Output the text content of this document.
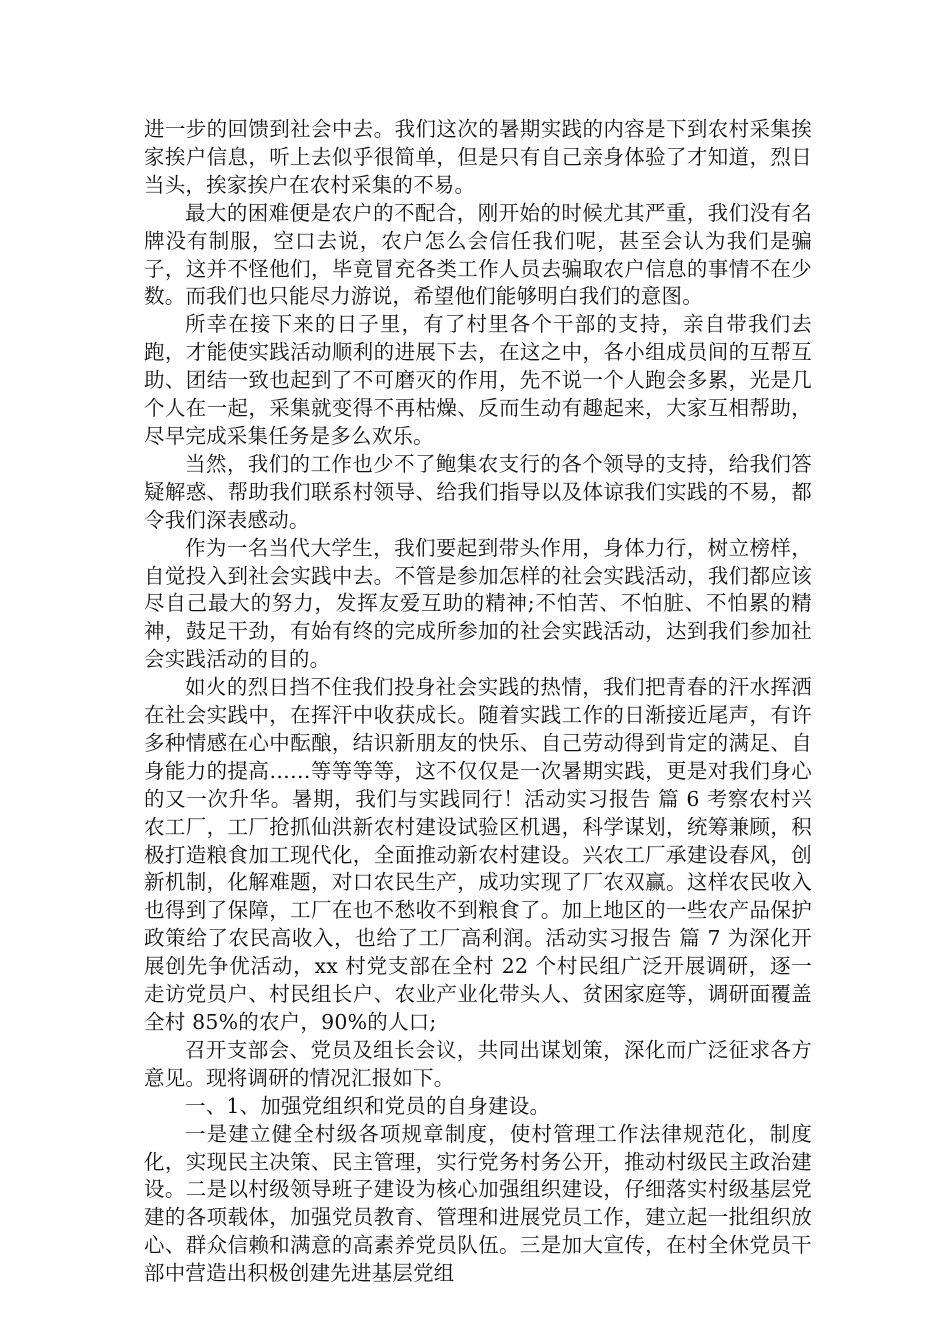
进一步的回馈到社会中去。我们这次的暑期实践的内容是下到农村采集挨家挨户信息，听上去似乎很简单，但是只有自己亲身体验了才知道，烈日当头，挨家挨户在农村采集的不易。

最大的困难便是农户的不配合，刚开始的时候尤其严重，我们没有名牌没有制服，空口去说，农户怎么会信任我们呢，甚至会认为我们是骗子，这并不怪他们，毕竟冒充各类工作人员去骗取农户信息的事情不在少数。而我们也只能尽力游说，希望他们能够明白我们的意图。

所幸在接下来的日子里，有了村里各个干部的支持，亲自带我们去跑，才能使实践活动顺利的进展下去，在这之中，各小组成员间的互帮互助、团结一致也起到了不可磨灭的作用，先不说一个人跑会多累，光是几个人在一起，采集就变得不再枯燥、反而生动有趣起来，大家互相帮助，尽早完成采集任务是多么欢乐。

当然，我们的工作也少不了鲍集农支行的各个领导的支持，给我们答疑解惑、帮助我们联系村领导、给我们指导以及体谅我们实践的不易，都令我们深表感动。

作为一名当代大学生，我们要起到带头作用，身体力行，树立榜样，自觉投入到社会实践中去。不管是参加怎样的社会实践活动，我们都应该尽自己最大的努力，发挥友爱互助的精神;不怕苦、不怕脏、不怕累的精神，鼓足干劲，有始有终的完成所参加的社会实践活动，达到我们参加社会实践活动的目的。

如火的烈日挡不住我们投身社会实践的热情，我们把青春的汗水挥洒在社会实践中，在挥汗中收获成长。随着实践工作的日渐接近尾声，有许多种情感在心中酝酿，结识新朋友的快乐、自己劳动得到肯定的满足、自身能力的提高……等等等等，这不仅仅是一次暑期实践，更是对我们身心的又一次升华。暑期，我们与实践同行！活动实习报告 篇 6 考察农村兴农工厂，工厂抢抓仙洪新农村建设试验区机遇，科学谋划，统筹兼顾，积极打造粮食加工现代化，全面推动新农村建设。兴农工厂承建设春风，创新机制，化解难题，对口农民生产，成功实现了厂农双赢。这样农民收入也得到了保障，工厂在也不愁收不到粮食了。加上地区的一些农产品保护政策给了农民高收入，也给了工厂高利润。活动实习报告 篇 7 为深化开展创先争优活动，xx 村党支部在全村 22 个村民组广泛开展调研，逐一走访党员户、村民组长户、农业产业化带头人、贫困家庭等，调研面覆盖全村 85%的农户，90%的人口;

召开支部会、党员及组长会议，共同出谋划策，深化而广泛征求各方意见。现将调研的情况汇报如下。

一、1、加强党组织和党员的自身建设。

一是建立健全村级各项规章制度，使村管理工作法律规范化，制度化，实现民主决策、民主管理，实行党务村务公开，推动村级民主政治建设。二是以村级领导班子建设为核心加强组织建设，仔细落实村级基层党建的各项载体，加强党员教育、管理和进展党员工作，建立起一批组织放心、群众信赖和满意的高素养党员队伍。三是加大宣传，在村全休党员干部中营造出积极创建先进基层党组
